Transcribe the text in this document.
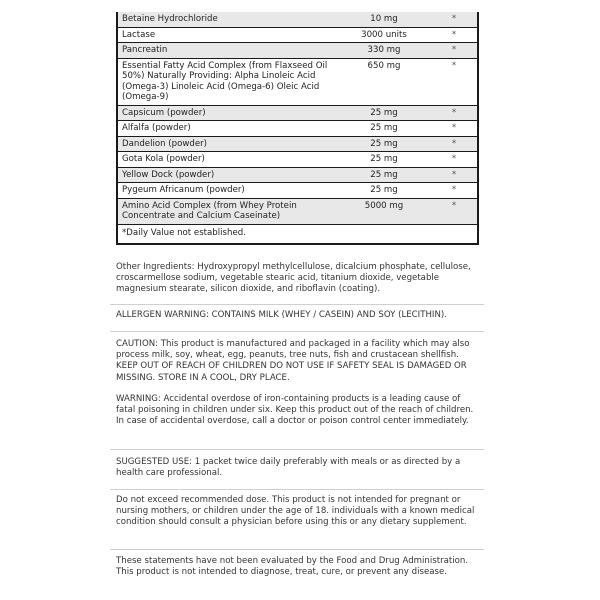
Betaine Hydrochloride	10 mg	*
Lactase	3000 units	*
Pancreatin	330 mg	*
Essential Fatty Acid Complex (from Flaxseed Oil 50%) Naturally Providing: Alpha Linoleic Acid (Omega-3) Linoleic Acid (Omega-6) Oleic Acid (Omega-9)	650 mg	*
Capsicum (powder)	25 mg	*
Alfalfa (powder)	25 mg	*
Dandelion (powder)	25 mg	*
Gota Kola (powder)	25 mg	*
Yellow Dock (powder)	25 mg	*
Pygeum Africanum (powder)	25 mg	*
Amino Acid Complex (from Whey Protein Concentrate and Calcium Caseinate)	5000 mg	*
*Daily Value not established.

Other Ingredients: Hydroxypropyl methylcellulose, dicalcium phosphate, cellulose, croscarmellose sodium, vegetable stearic acid, titanium dioxide, vegetable magnesium stearate, silicon dioxide, and riboflavin (coating).

ALLERGEN WARNING: CONTAINS MILK (WHEY / CASEIN) AND SOY (LECITHIN).

CAUTION: This product is manufactured and packaged in a facility which may also process milk, soy, wheat, egg, peanuts, tree nuts, fish and crustacean shellfish. KEEP OUT OF REACH OF CHILDREN DO NOT USE IF SAFETY SEAL IS DAMAGED OR MISSING. STORE IN A COOL, DRY PLACE.

WARNING: Accidental overdose of iron-containing products is a leading cause of fatal poisoning in children under six. Keep this product out of the reach of children. In case of accidental overdose, call a doctor or poison control center immediately.

SUGGESTED USE: 1 packet twice daily preferably with meals or as directed by a health care professional.

Do not exceed recommended dose. This product is not intended for pregnant or nursing mothers, or children under the age of 18. individuals with a known medical condition should consult a physician before using this or any dietary supplement.

These statements have not been evaluated by the Food and Drug Administration. This product is not intended to diagnose, treat, cure, or prevent any disease.
